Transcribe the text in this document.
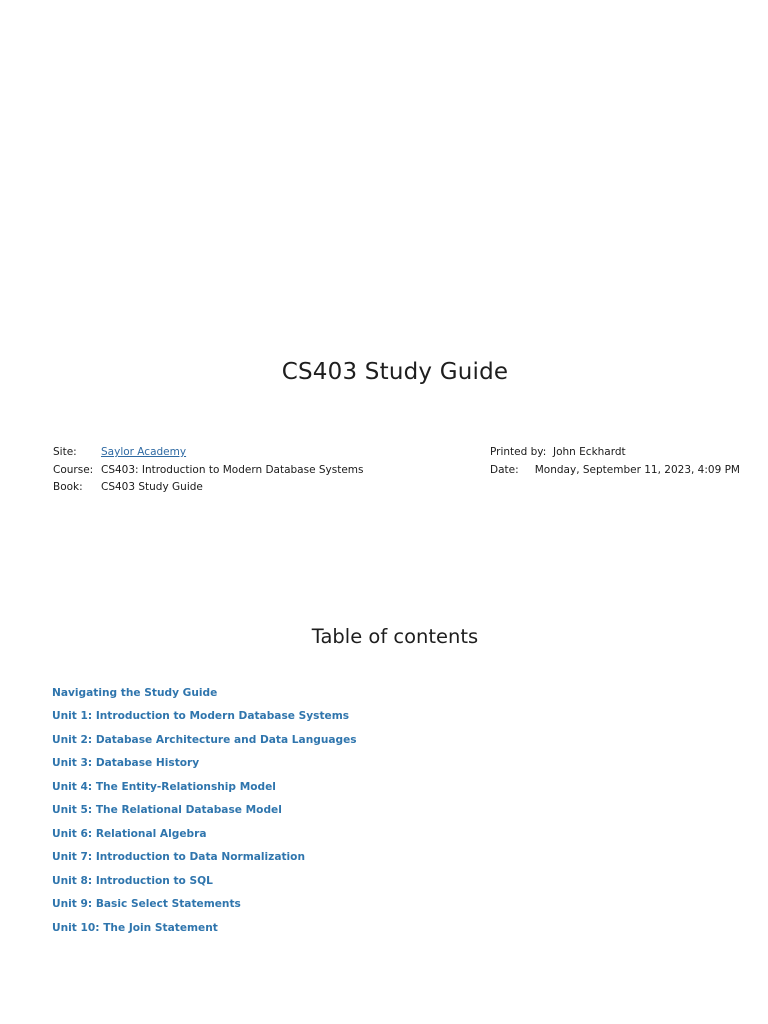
CS403 Study Guide
Site:	Saylor Academy
Course: CS403: Introduction to Modern Database Systems
Book:	CS403 Study Guide
Printed by: John Eckhardt
Date:	Monday, September 11, 2023, 4:09 PM
Table of contents
Navigating the Study Guide
Unit 1: Introduction to Modern Database Systems
Unit 2: Database Architecture and Data Languages
Unit 3: Database History
Unit 4: The Entity-Relationship Model
Unit 5: The Relational Database Model
Unit 6: Relational Algebra
Unit 7: Introduction to Data Normalization
Unit 8: Introduction to SQL
Unit 9: Basic Select Statements
Unit 10: The Join Statement
